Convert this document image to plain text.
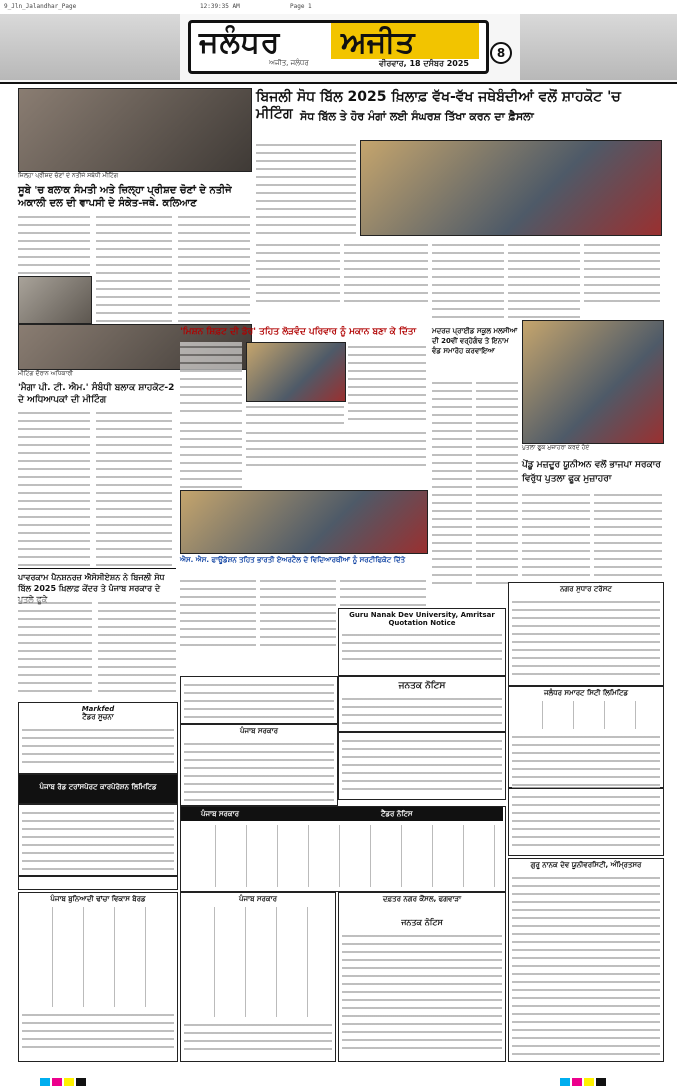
9_Jln_Jalandhar_Page	12:39:35 AM	Page 1
ਜਲੰਧਰ ਅਜੀਤ
ਅਜੀਤ, ਜਲੰਧਰ	ਵੀਰਵਾਰ, 18 ਦਸੰਬਰ 2025
8
ਜ਼ਿਲ੍ਹਾ ਪ੍ਰੀਸ਼ਦ ਚੋਣਾਂ ਦੇ ਨਤੀਜੇ ਸਬੰਧੀ ਮੀਟਿੰਗ
ਸੂਬੇ 'ਚ ਬਲਾਕ ਸੰਮਤੀ ਅਤੇ ਜ਼ਿਲ੍ਹਾ ਪ੍ਰੀਸ਼ਦ ਚੋਣਾਂ ਦੇ ਨਤੀਜੇ ਅਕਾਲੀ ਦਲ ਦੀ ਵਾਪਸੀ ਦੇ ਸੰਕੇਤ-ਜਥੇ. ਕਲਿਆਣ
ਮੀਟਿੰਗ ਦੌਰਾਨ ਅਧਿਕਾਰੀ
'ਮੈਗਾ ਪੀ. ਟੀ. ਐਮ.' ਸੰਬੰਧੀ ਬਲਾਕ ਸ਼ਾਹਕੋਟ-2 ਦੇ ਅਧਿਆਪਕਾਂ ਦੀ ਮੀਟਿੰਗ
ਪਾਵਰਕਾਮ ਪੈਨਸ਼ਨਰਜ਼ ਐਸੋਸੀਏਸ਼ਨ ਨੇ ਬਿਜਲੀ ਸੋਧ ਬਿੱਲ 2025 ਖ਼ਿਲਾਫ਼ ਕੇਂਦਰ ਤੇ ਪੰਜਾਬ ਸਰਕਾਰ ਦੇ
ਬਿਜਲੀ ਸੋਧ ਬਿੱਲ 2025 ਖ਼ਿਲਾਫ਼ ਵੱਖ-ਵੱਖ ਜਥੇਬੰਦੀਆਂ ਵਲੋਂ ਸ਼ਾਹਕੋਟ 'ਚ ਮੀਟਿੰਗ ਸੋਧ ਬਿੱਲ ਤੇ ਹੋਰ ਮੰਗਾਂ ਲਈ ਸੰਘਰਸ਼ ਤਿੱਖਾ ਕਰਨ ਦਾ ਫ਼ੈਸਲਾ
'ਮਿਸ਼ਨ ਸ਼ਿਫ਼ਟ ਦੀ ਡੋਰ' ਤਹਿਤ ਲੋੜਵੰਦ ਪਰਿਵਾਰ ਨੂੰ ਮਕਾਨ ਬਣਾ ਕੇ ਦਿੱਤਾ
ਐਸ. ਐਸ. ਫਾਊਂਡੇਸ਼ਨ ਤਹਿਤ ਭਾਰਤੀ ਏਅਰਟੈਲ ਦੇ ਵਿਦਿਆਰਥੀਆਂ ਨੂੰ ਸਰਟੀਫਿਕੇਟ ਦਿੱਤੇ
ਮਦਰਜ਼ ਪ੍ਰਾਈਡ ਸਕੂਲ ਮਲਸੀਆਂ ਦੀ 20ਵੀਂ ਵਰ੍ਹੇਗੰਢ ਤੇ ਇਨਾਮ ਵੰਡ ਸਮਾਰੋਹ ਕਰਵਾਇਆ
ਪੁਤਲਾ ਫੂਕ ਮੁਜ਼ਾਹਰਾ ਕਰਦੇ ਹੋਏ
ਪੇਂਡੂ ਮਜ਼ਦੂਰ ਯੂਨੀਅਨ ਵਲੋਂ ਭਾਜਪਾ ਸਰਕਾਰ ਵਿਰੁੱਧ ਪੁਤਲਾ ਫੂਕ ਮੁਜ਼ਾਹਰਾ
Guru Nanak Dev University, Amritsar
Quotation Notice
ਨਗਰ ਸੁਧਾਰ ਟਰੱਸਟ
ਜਨਤਕ ਨੋਟਿਸ
ਜਲੰਧਰ ਸਮਾਰਟ ਸਿਟੀ ਲਿਮਿਟਿਡ
Markfed
ਟੈਂਡਰ ਸੂਚਨਾ
ਪੰਜਾਬ ਸਰਕਾਰ
ਪੰਜਾਬ ਰੋਡ ਟਰਾਂਸਪੋਰਟ ਕਾਰਪੋਰੇਸ਼ਨ ਲਿਮਿਟਿਡ
ਪੰਜਾਬ ਸਰਕਾਰ	ਟੈਂਡਰ ਨੋਟਿਸ
ਪੰਜਾਬ ਬੁਨਿਆਦੀ ਢਾਂਚਾ ਵਿਕਾਸ ਬੋਰਡ	ਪੰਜਾਬ ਸਰਕਾਰ	ਦਫ਼ਤਰ ਨਗਰ ਕੌਂਸਲ, ਫਗਵਾੜਾ
ਜਨਤਕ ਨੋਟਿਸ
ਗੁਰੂ ਨਾਨਕ ਦੇਵ ਯੂਨੀਵਰਸਿਟੀ, ਅੰਮ੍ਰਿਤਸਰ
